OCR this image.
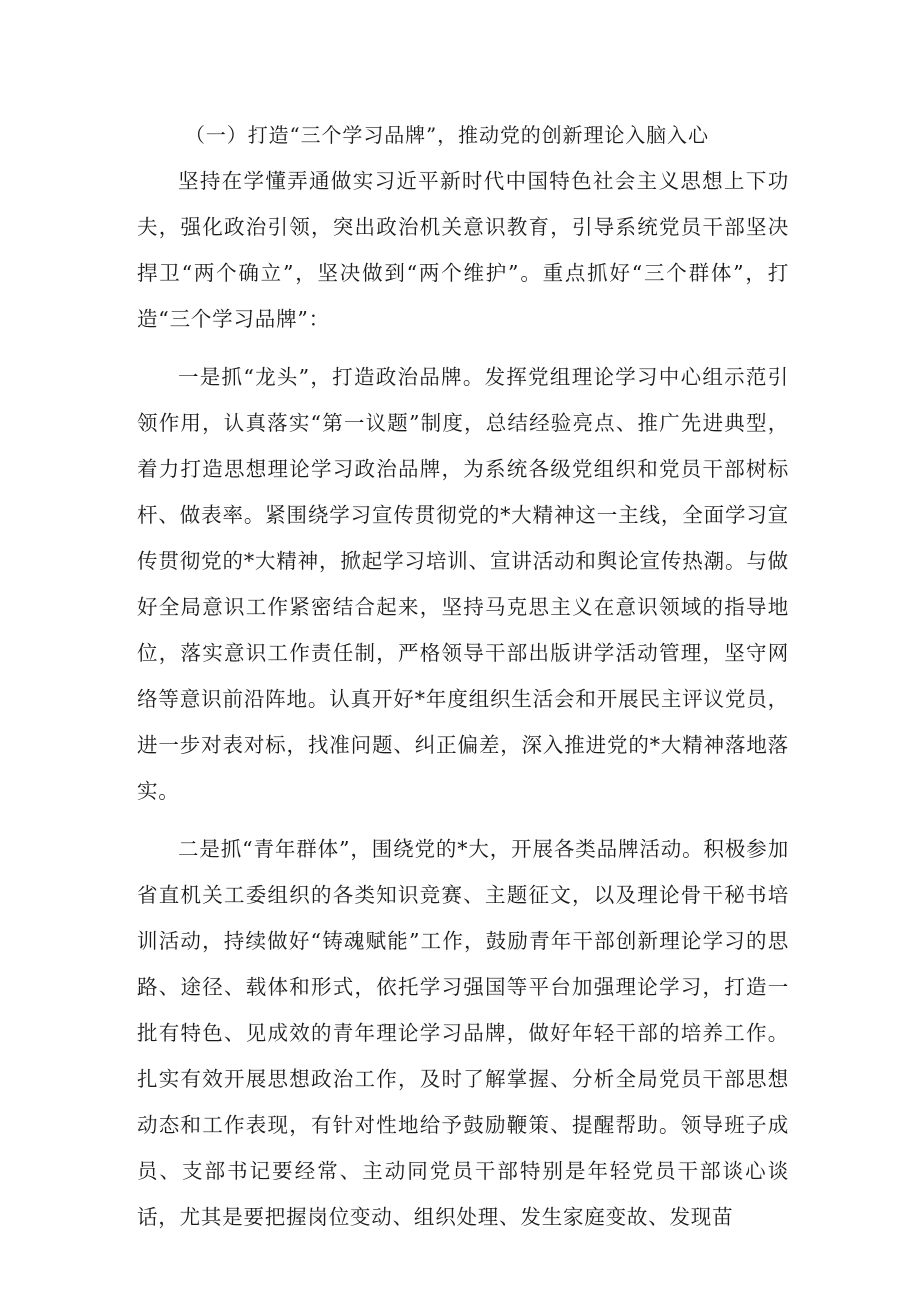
（一）打造“三个学习品牌”，推动党的创新理论入脑入心

坚持在学懂弄通做实习近平新时代中国特色社会主义思想上下功夫，强化政治引领，突出政治机关意识教育，引导系统党员干部坚决捍卫“两个确立”，坚决做到“两个维护”。重点抓好“三个群体”，打造“三个学习品牌”：

一是抓“龙头”，打造政治品牌。发挥党组理论学习中心组示范引领作用，认真落实“第一议题”制度，总结经验亮点、推广先进典型，着力打造思想理论学习政治品牌，为系统各级党组织和党员干部树标杆、做表率。紧围绕学习宣传贯彻党的*大精神这一主线，全面学习宣传贯彻党的*大精神，掀起学习培训、宣讲活动和舆论宣传热潮。与做好全局意识工作紧密结合起来，坚持马克思主义在意识领域的指导地位，落实意识工作责任制，严格领导干部出版讲学活动管理，坚守网络等意识前沿阵地。认真开好*年度组织生活会和开展民主评议党员，进一步对表对标，找准问题、纠正偏差，深入推进党的*大精神落地落实。

二是抓“青年群体”，围绕党的*大，开展各类品牌活动。积极参加省直机关工委组织的各类知识竞赛、主题征文，以及理论骨干秘书培训活动，持续做好“铸魂赋能”工作，鼓励青年干部创新理论学习的思路、途径、载体和形式，依托学习强国等平台加强理论学习，打造一批有特色、见成效的青年理论学习品牌，做好年轻干部的培养工作。扎实有效开展思想政治工作，及时了解掌握、分析全局党员干部思想动态和工作表现，有针对性地给予鼓励鞭策、提醒帮助。领导班子成员、支部书记要经常、主动同党员干部特别是年轻党员干部谈心谈话，尤其是要把握岗位变动、组织处理、发生家庭变故、发现苗
